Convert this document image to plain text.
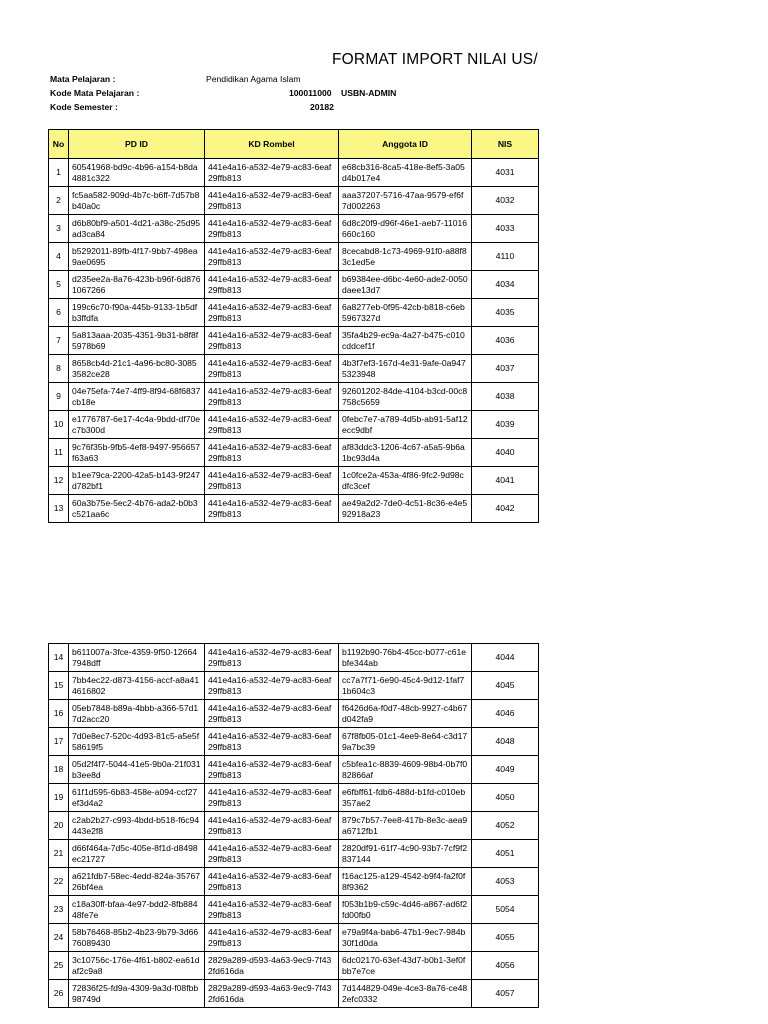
FORMAT IMPORT NILAI US/
Mata Pelajaran :	Pendidikan Agama Islam
Kode Mata Pelajaran :	100011000 USBN-ADMIN
Kode Semester :	20182
No	PD ID	KD Rombel	Anggota ID	NIS
1	60541968-bd9c-4b96-a154-b8da4881c322	441e4a16-a532-4e79-ac83-6eaf29ffb813	e68cb316-8ca5-418e-8ef5-3a05d4b017e4	4031
2	fc5aa582-909d-4b7c-b6ff-7d57b8b40a0c	441e4a16-a532-4e79-ac83-6eaf29ffb813	aaa37207-5716-47aa-9579-ef6f7d002263	4032
3	d6b80bf9-a501-4d21-a38c-25d95ad3ca84	441e4a16-a532-4e79-ac83-6eaf29ffb813	6d8c20f9-d96f-46e1-aeb7-11016660c160	4033
4	b5292011-89fb-4f17-9bb7-498ea9ae0695	441e4a16-a532-4e79-ac83-6eaf29ffb813	8cecabd8-1c73-4969-91f0-a88f83c1ed5e	4110
5	d235ee2a-8a76-423b-b96f-6d8761067266	441e4a16-a532-4e79-ac83-6eaf29ffb813	b69384ee-d6bc-4e60-ade2-0050daee13d7	4034
6	199c6c70-f90a-445b-9133-1b5dfb3ffdfa	441e4a16-a532-4e79-ac83-6eaf29ffb813	6a8277eb-0f95-42cb-b818-c6eb5967327d	4035
7	5a813aaa-2035-4351-9b31-b8f8f5978b69	441e4a16-a532-4e79-ac83-6eaf29ffb813	35fa4b29-ec9a-4a27-b475-c010cddcef1f	4036
8	8658cb4d-21c1-4a96-bc80-30853582ce28	441e4a16-a532-4e79-ac83-6eaf29ffb813	4b3f7ef3-167d-4e31-9afe-0a9475323948	4037
9	04e75efa-74e7-4ff9-8f94-68f6837cb18e	441e4a16-a532-4e79-ac83-6eaf29ffb813	92601202-84de-4104-b3cd-00c8758c5659	4038
10	e1776787-6e17-4c4a-9bdd-df70ec7b300d	441e4a16-a532-4e79-ac83-6eaf29ffb813	0febc7e7-a789-4d5b-ab91-5af12ecc9dbf	4039
11	9c76f35b-9fb5-4ef8-9497-956657f63a63	441e4a16-a532-4e79-ac83-6eaf29ffb813	af83ddc3-1206-4c67-a5a5-9b6a1bc93d4a	4040
12	b1ee79ca-2200-42a5-b143-9f247d782bf1	441e4a16-a532-4e79-ac83-6eaf29ffb813	1c0fce2a-453a-4f86-9fc2-9d98cdfc3cef	4041
13	60a3b75e-5ec2-4b76-ada2-b0b3c521aa6c	441e4a16-a532-4e79-ac83-6eaf29ffb813	ae49a2d2-7de0-4c51-8c36-e4e592918a23	4042
14	b611007a-3fce-4359-9f50-126647948dff	441e4a16-a532-4e79-ac83-6eaf29ffb813	b1192b90-76b4-45cc-b077-c61ebfe344ab	4044
15	7bb4ec22-d873-4156-accf-a8a414616802	441e4a16-a532-4e79-ac83-6eaf29ffb813	cc7a7f71-6e90-45c4-9d12-1faf71b604c3	4045
16	05eb7848-b89a-4bbb-a366-57d17d2acc20	441e4a16-a532-4e79-ac83-6eaf29ffb813	f6426d6a-f0d7-48cb-9927-c4b67d042fa9	4046
17	7d0e8ec7-520c-4d93-81c5-a5e5f58619f5	441e4a16-a532-4e79-ac83-6eaf29ffb813	67f8fb05-01c1-4ee9-8e64-c3d179a7bc39	4048
18	05d2f4f7-5044-41e5-9b0a-21f031b3ee8d	441e4a16-a532-4e79-ac83-6eaf29ffb813	c5bfea1c-8839-4609-98b4-0b7f082866af	4049
19	61f1d595-6b83-458e-a094-ccf27ef3d4a2	441e4a16-a532-4e79-ac83-6eaf29ffb813	e6fbff61-fdb6-488d-b1fd-c010eb357ae2	4050
20	c2ab2b27-c993-4bdd-b518-f6c94443e2f8	441e4a16-a532-4e79-ac83-6eaf29ffb813	879c7b57-7ee8-417b-8e3c-aea9a6712fb1	4052
21	d66f464a-7d5c-405e-8f1d-d8498ec21727	441e4a16-a532-4e79-ac83-6eaf29ffb813	2820df91-61f7-4c90-93b7-7cf9f2837144	4051
22	a621fdb7-58ec-4edd-824a-3576726bf4ea	441e4a16-a532-4e79-ac83-6eaf29ffb813	f16ac125-a129-4542-b9f4-fa2f0f8f9362	4053
23	c18a30ff-bfaa-4e97-bdd2-8fb88448fe7e	441e4a16-a532-4e79-ac83-6eaf29ffb813	f053b1b9-c59c-4d46-a867-ad6f2fd00fb0	5054
24	58b76468-85b2-4b23-9b79-3d6676089430	441e4a16-a532-4e79-ac83-6eaf29ffb813	e79a9f4a-bab6-47b1-9ec7-984b30f1d0da	4055
25	3c10756c-176e-4f61-b802-ea61daf2c9a8	2829a289-d593-4a63-9ec9-7f432fd616da	6dc02170-63ef-43d7-b0b1-3ef0fbb7e7ce	4056
26	72836f25-fd9a-4309-9a3d-f08fbb98749d	2829a289-d593-4a63-9ec9-7f432fd616da	7d144829-049e-4ce3-8a76-ce482efc0332	4057
